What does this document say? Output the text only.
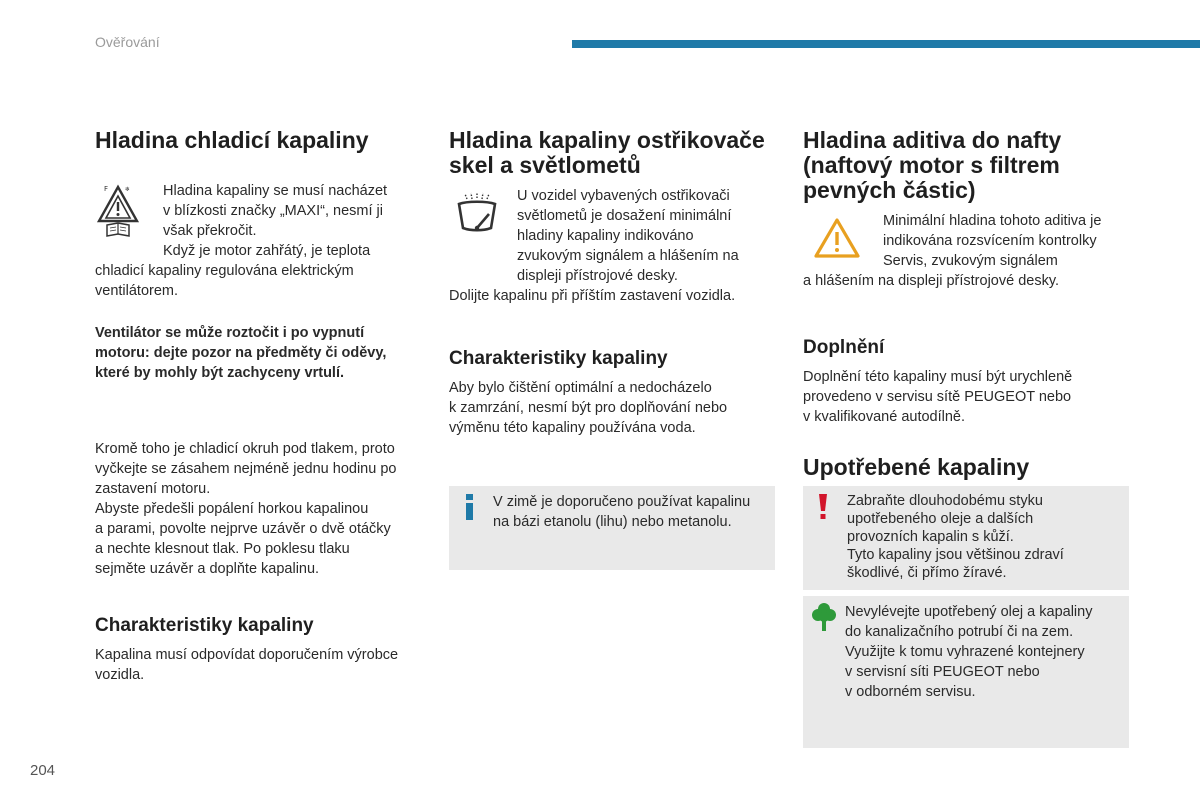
Ověřování
Hladina chladicí kapaliny
F	❄	Hladina kapaliny se musí nacházet

v blízkosti značky „MAXI“, nesmí ji

však překročit.

Když je motor zahřátý, je teplota

chladicí kapaliny regulována elektrickým

ventilátorem.

Ventilátor se může roztočit i po vypnutí

motoru: dejte pozor na předměty či oděvy,

které by mohly být zachyceny vrtulí.

Kromě toho je chladicí okruh pod tlakem, proto

vyčkejte se zásahem nejméně jednu hodinu po

zastavení motoru.

Abyste předešli popálení horkou kapalinou

a parami, povolte nejprve uzávěr o dvě otáčky

a nechte klesnout tlak. Po poklesu tlaku

sejměte uzávěr a doplňte kapalinu.

Charakteristiky kapaliny

Kapalina musí odpovídat doporučením výrobce

vozidla.

Hladina kapaliny ostřikovače
skel a světlometů

U vozidel vybavených ostřikovači

světlometů je dosažení minimální

hladiny kapaliny indikováno

zvukovým signálem a hlášením na

displeji přístrojové desky.

Dolijte kapalinu při příštím zastavení vozidla.

Charakteristiky kapaliny

Aby bylo čištění optimální a nedocházelo

k zamrzání, nesmí být pro doplňování nebo

výměnu této kapaliny používána voda.

V zimě je doporučeno používat kapalinu
na bázi etanolu (lihu) nebo metanolu.
Hladina aditiva do nafty
(naftový motor s filtrem
pevných částic)

Minimální hladina tohoto aditiva je

indikována rozsvícením kontrolky

Servis, zvukovým signálem

a hlášením na displeji přístrojové desky.

Doplnění

Doplnění této kapaliny musí být urychleně

provedeno v servisu sítě PEUGEOT nebo

v kvalifikované autodílně.

Upotřebené kapaliny
Zabraňte dlouhodobému styku
upotřebeného oleje a dalších
provozních kapalin s kůží.
Tyto kapaliny jsou většinou zdraví
škodlivé, či přímo žíravé.
Nevylévejte upotřebený olej a kapaliny
do kanalizačního potrubí či na zem.
Využijte k tomu vyhrazené kontejnery
v servisní síti PEUGEOT nebo
v odborném servisu.
204
